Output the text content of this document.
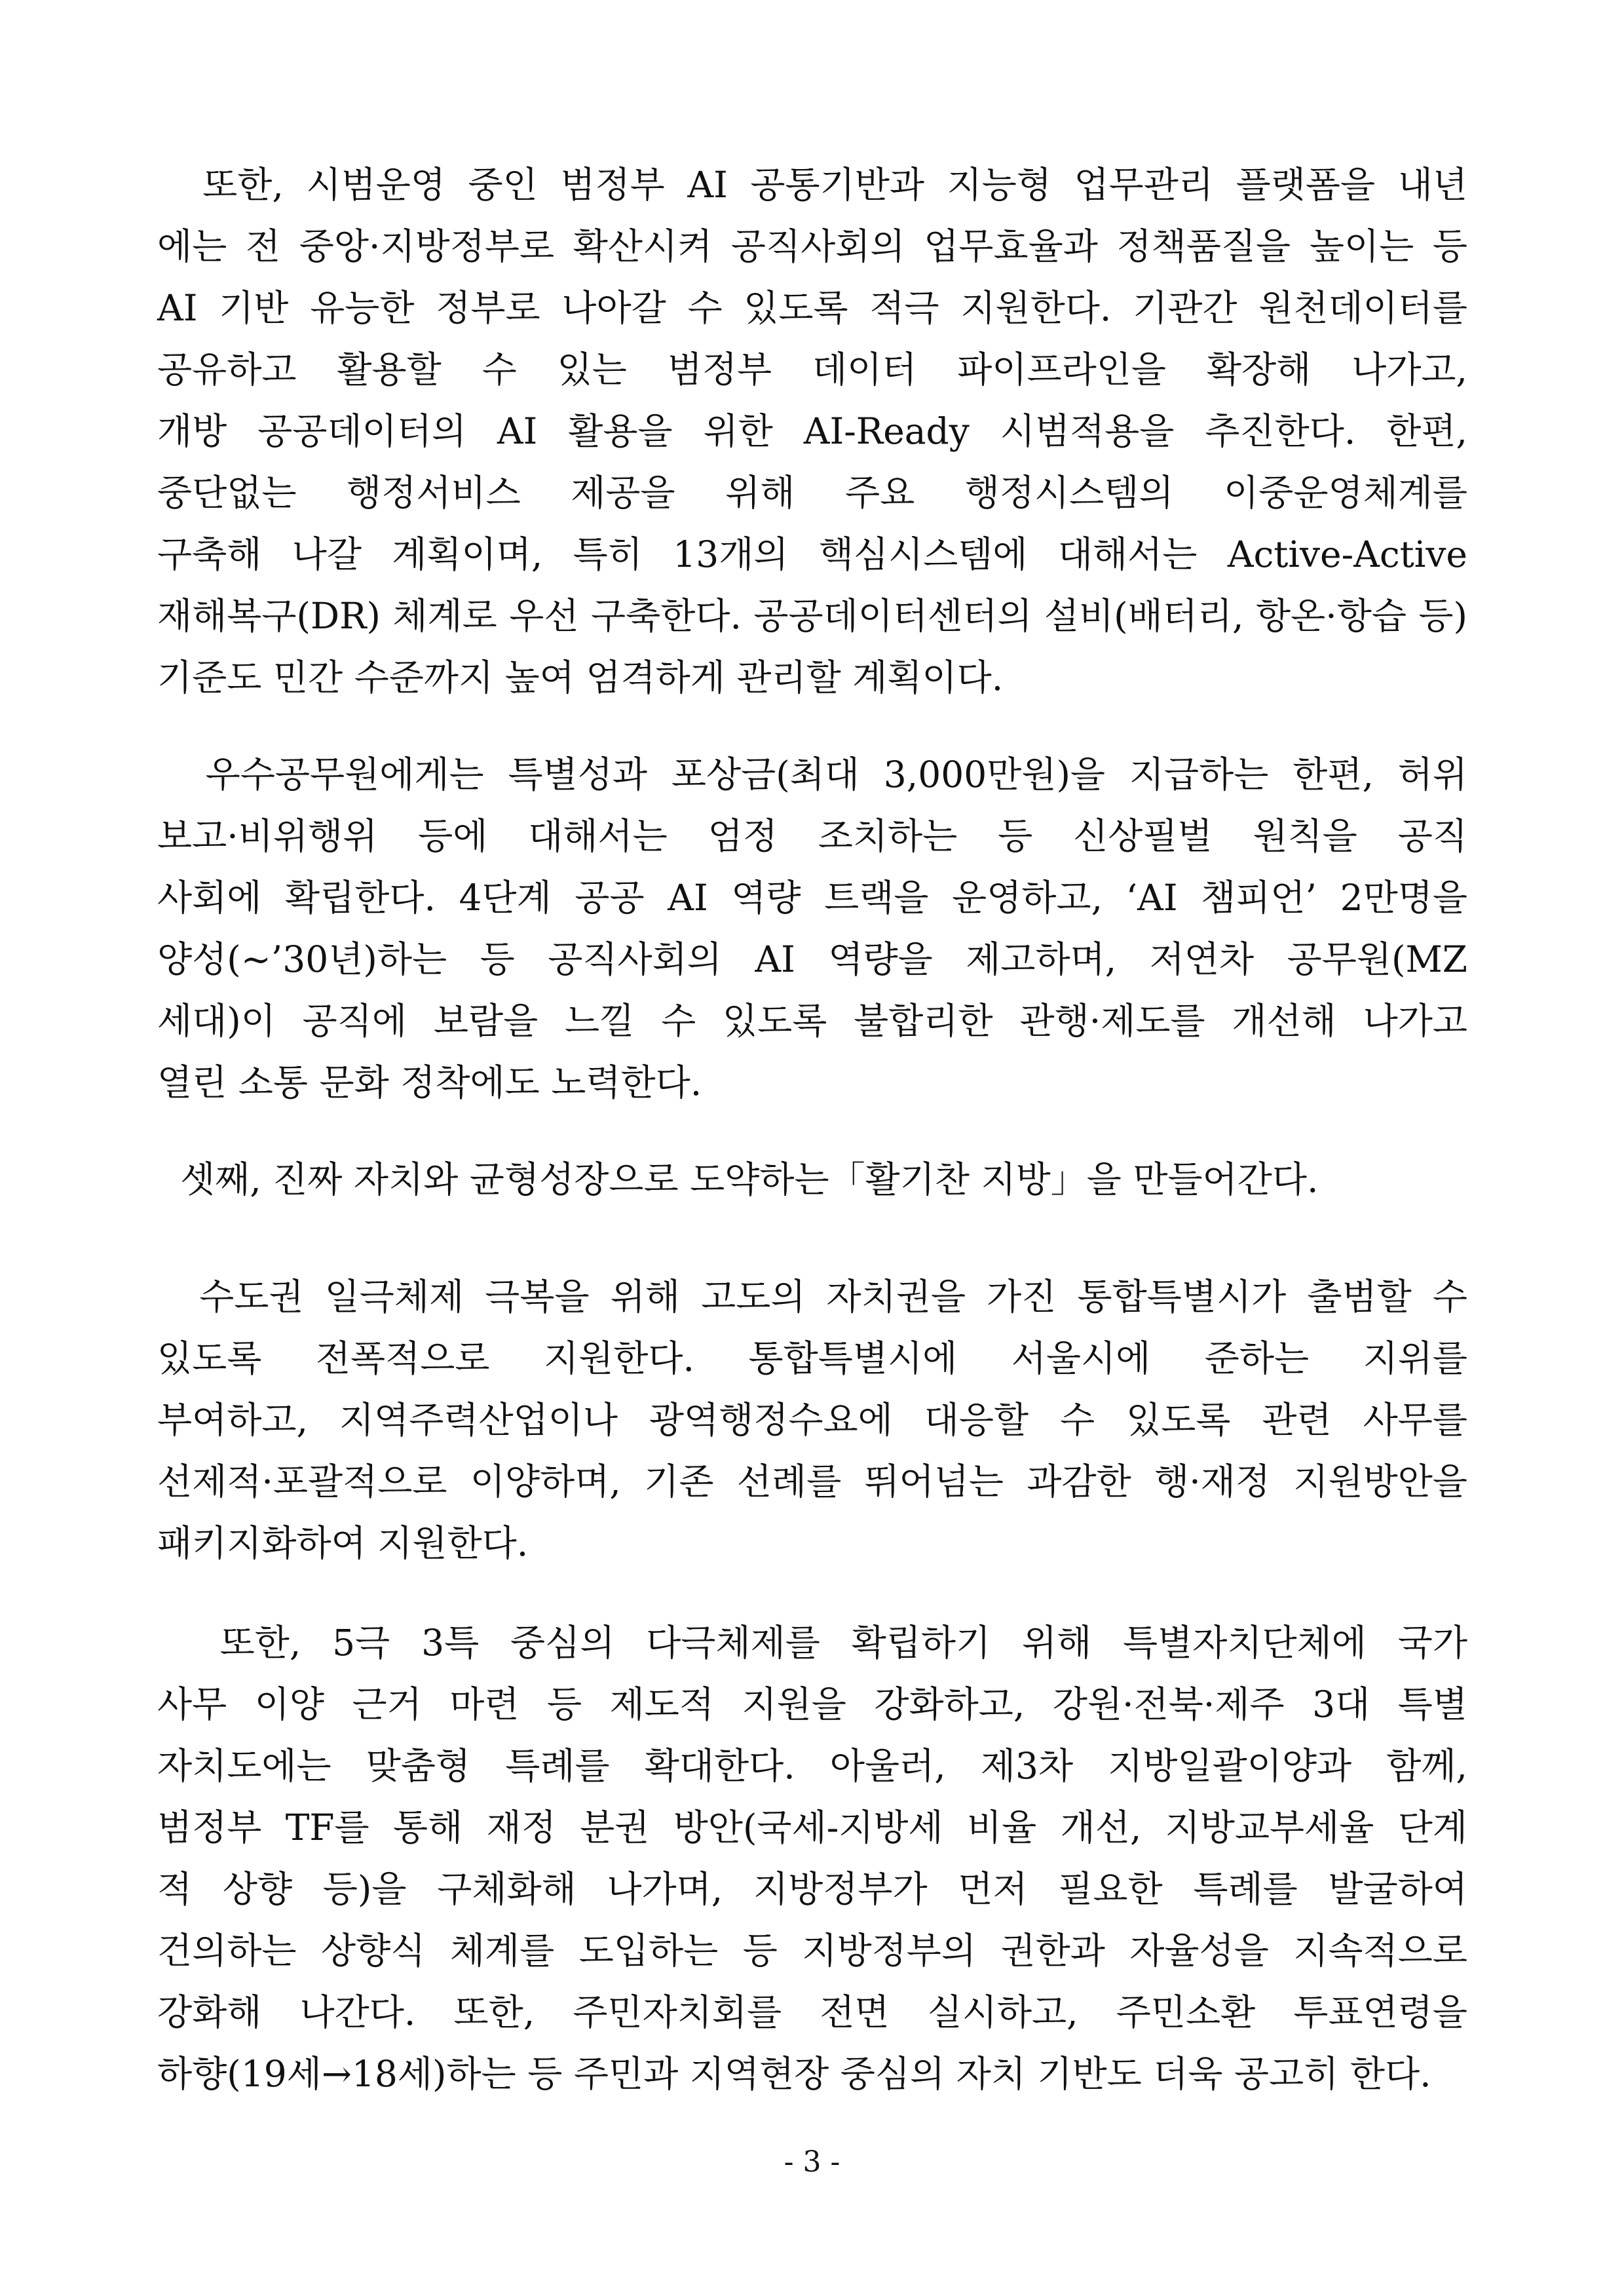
또한, 시범운영 중인 범정부 AI 공통기반과 지능형 업무관리 플랫폼을 내년
에는 전 중앙·지방정부로 확산시켜 공직사회의 업무효율과 정책품질을 높이는 등
AI 기반 유능한 정부로 나아갈 수 있도록 적극 지원한다. 기관간 원천데이터를
공유하고 활용할 수 있는 범정부 데이터 파이프라인을 확장해 나가고,
개방 공공데이터의 AI 활용을 위한 AI-Ready 시범적용을 추진한다. 한편,
중단없는 행정서비스 제공을 위해 주요 행정시스템의 이중운영체계를
구축해 나갈 계획이며, 특히 13개의 핵심시스템에 대해서는 Active-Active
재해복구(DR) 체계로 우선 구축한다. 공공데이터센터의 설비(배터리, 항온·항습 등)
기준도 민간 수준까지 높여 엄격하게 관리할 계획이다.
우수공무원에게는 특별성과 포상금(최대 3,000만원)을 지급하는 한편, 허위
보고·비위행위 등에 대해서는 엄정 조치하는 등 신상필벌 원칙을 공직
사회에 확립한다. 4단계 공공 AI 역량 트랙을 운영하고, ‘AI 챔피언’ 2만명을
양성(~’30년)하는 등 공직사회의 AI 역량을 제고하며, 저연차 공무원(MZ
세대)이 공직에 보람을 느낄 수 있도록 불합리한 관행·제도를 개선해 나가고
열린 소통 문화 정착에도 노력한다.
셋째, 진짜 자치와 균형성장으로 도약하는「활기찬 지방」을 만들어간다.
수도권 일극체제 극복을 위해 고도의 자치권을 가진 통합특별시가 출범할 수
있도록 전폭적으로 지원한다. 통합특별시에 서울시에 준하는 지위를
부여하고, 지역주력산업이나 광역행정수요에 대응할 수 있도록 관련 사무를
선제적·포괄적으로 이양하며, 기존 선례를 뛰어넘는 과감한 행·재정 지원방안을
패키지화하여 지원한다.
또한, 5극 3특 중심의 다극체제를 확립하기 위해 특별자치단체에 국가
사무 이양 근거 마련 등 제도적 지원을 강화하고, 강원·전북·제주 3대 특별
자치도에는 맞춤형 특례를 확대한다. 아울러, 제3차 지방일괄이양과 함께,
범정부 TF를 통해 재정 분권 방안(국세-지방세 비율 개선, 지방교부세율 단계
적 상향 등)을 구체화해 나가며, 지방정부가 먼저 필요한 특례를 발굴하여
건의하는 상향식 체계를 도입하는 등 지방정부의 권한과 자율성을 지속적으로
강화해 나간다. 또한, 주민자치회를 전면 실시하고, 주민소환 투표연령을
하향(19세→18세)하는 등 주민과 지역현장 중심의 자치 기반도 더욱 공고히 한다.
- 3 -
